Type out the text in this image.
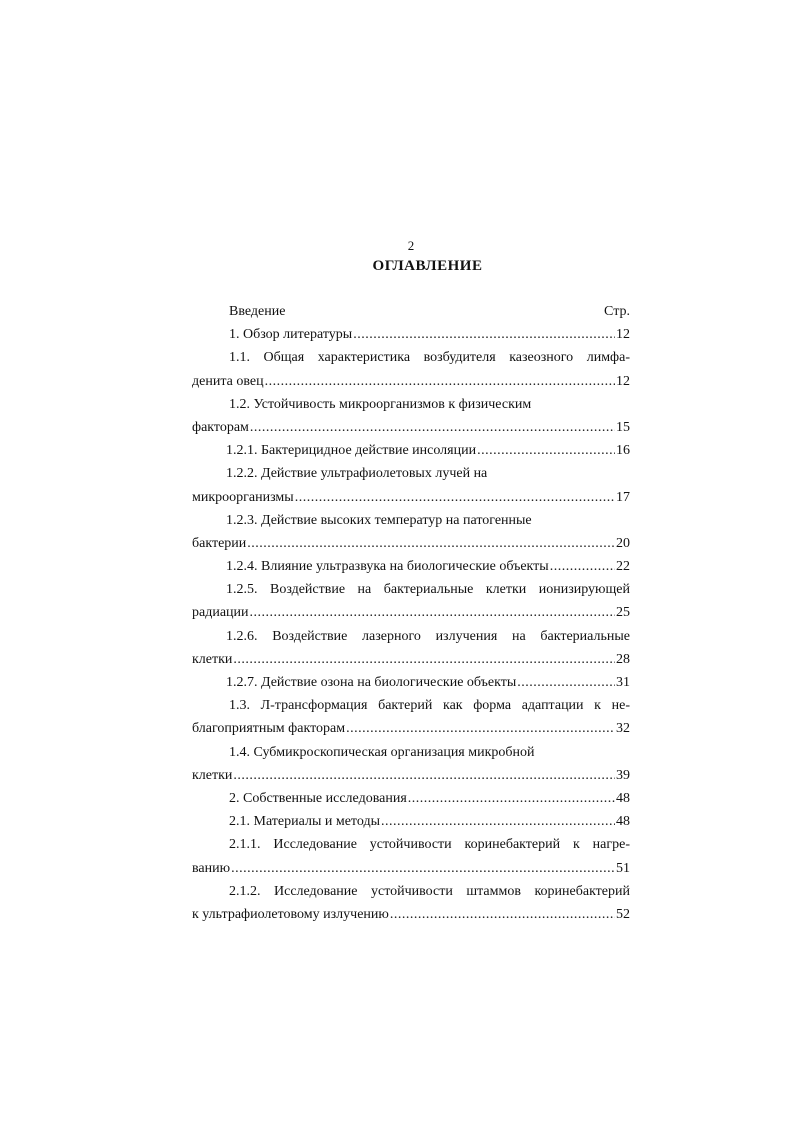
2
ОГЛАВЛЕНИЕ
Введение	Стр.
1. Обзор литературы .....	12
1.1. Общая характеристика возбудителя казеозного лимфа-
денита овец .....	12
1.2. Устойчивость микроорганизмов к физическим
факторам .....	15
1.2.1. Бактерицидное действие инсоляции .....	16
1.2.2. Действие ультрафиолетовых лучей на
микроорганизмы .....	17
1.2.3. Действие высоких температур на патогенные
бактерии .....	20
1.2.4. Влияние ультразвука на биологические объекты .....	22
1.2.5. Воздействие на бактериальные клетки ионизирующей
радиации .....	25
1.2.6. Воздействие лазерного излучения на бактериальные
клетки .....	28
1.2.7. Действие озона на биологические объекты .....	31
1.3. Л-трансформация бактерий как форма адаптации к не-
благоприятным факторам .....	32
1.4. Субмикроскопическая организация микробной
клетки .....	39
2. Собственные исследования .....	48
2.1. Материалы и методы .....	48
2.1.1. Исследование устойчивости коринебактерий к нагре-
ванию .....	51
2.1.2. Исследование устойчивости штаммов коринебактерий
к ультрафиолетовому излучению .....	52
